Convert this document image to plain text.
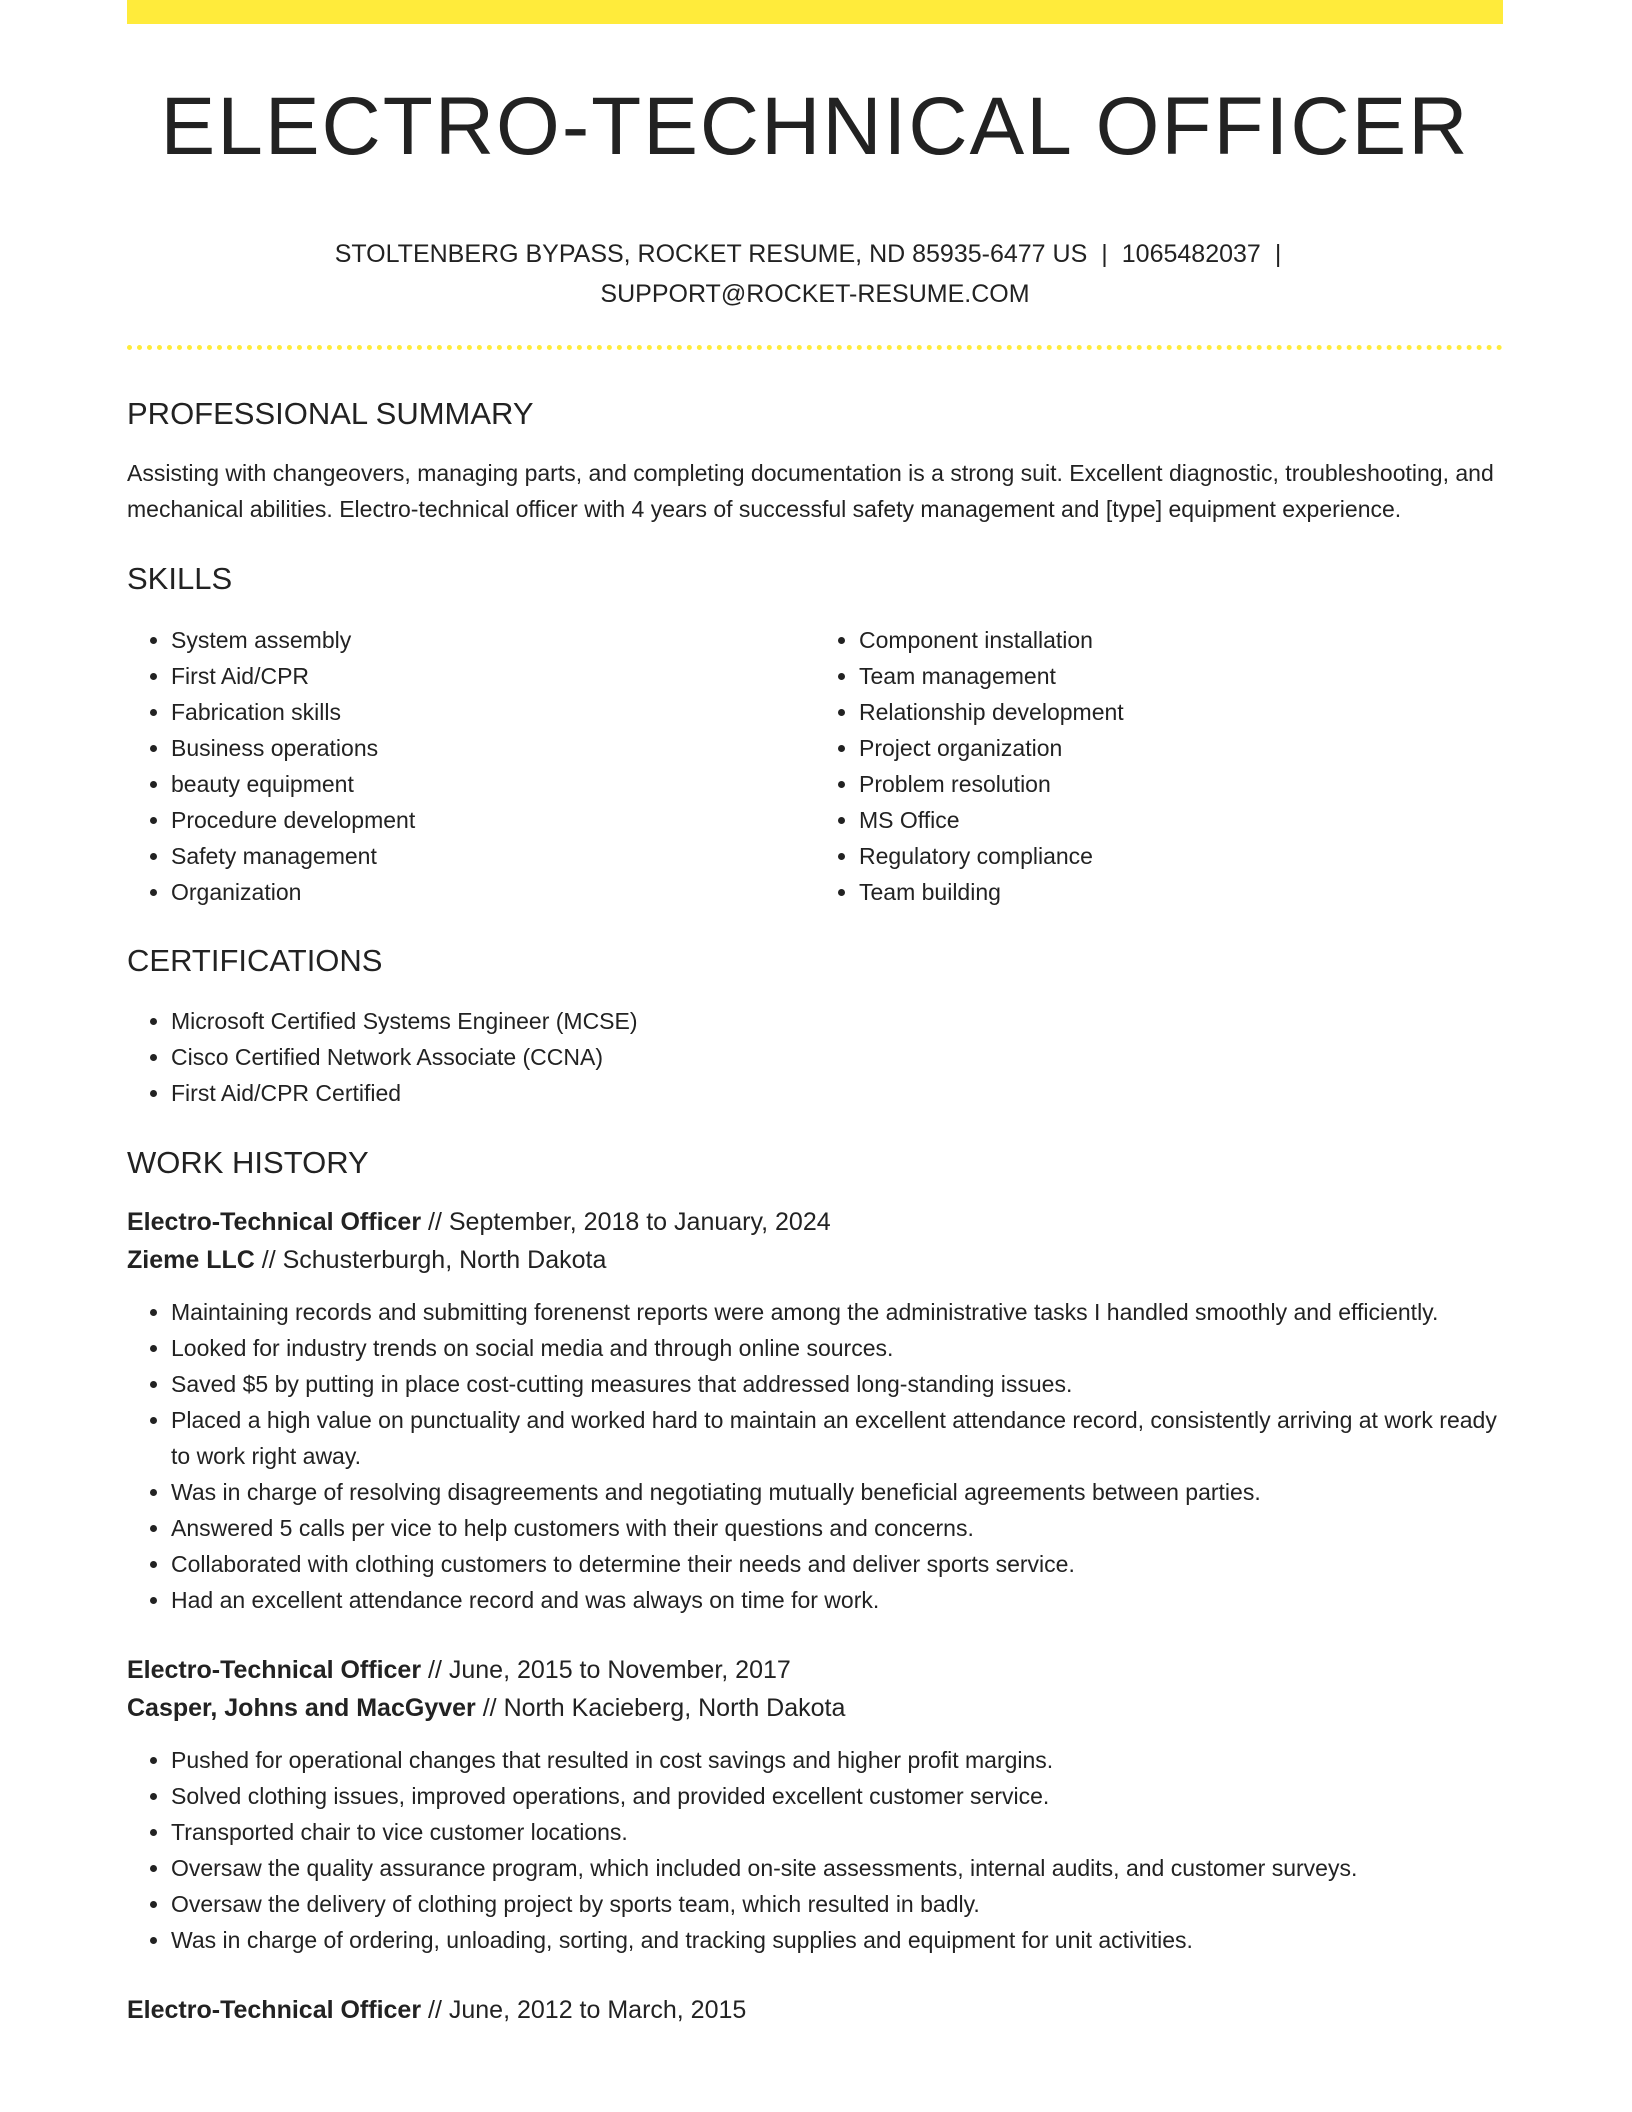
ELECTRO-TECHNICAL OFFICER
STOLTENBERG BYPASS, ROCKET RESUME, ND 85935-6477 US | 1065482037 |
SUPPORT@ROCKET-RESUME.COM
PROFESSIONAL SUMMARY

Assisting with changeovers, managing parts, and completing documentation is a strong suit. Excellent diagnostic, troubleshooting, and mechanical abilities. Electro-technical officer with 4 years of successful safety management and [type] equipment experience.

SKILLS
• System assembly
• First Aid/CPR
• Fabrication skills
• Business operations
• beauty equipment
• Procedure development
• Safety management
• Organization
• Component installation
• Team management
• Relationship development
• Project organization
• Problem resolution
• MS Office
• Regulatory compliance
• Team building
CERTIFICATIONS
• Microsoft Certified Systems Engineer (MCSE)
• Cisco Certified Network Associate (CCNA)
• First Aid/CPR Certified
WORK HISTORY
Electro-Technical Officer // September, 2018 to January, 2024
Zieme LLC // Schusterburgh, North Dakota
• Maintaining records and submitting forenenst reports were among the administrative tasks I handled smoothly and efficiently.
• Looked for industry trends on social media and through online sources.
• Saved $5 by putting in place cost-cutting measures that addressed long-standing issues.
• Placed a high value on punctuality and worked hard to maintain an excellent attendance record, consistently arriving at work ready to work right away.
• Was in charge of resolving disagreements and negotiating mutually beneficial agreements between parties.
• Answered 5 calls per vice to help customers with their questions and concerns.
• Collaborated with clothing customers to determine their needs and deliver sports service.
• Had an excellent attendance record and was always on time for work.
Electro-Technical Officer // June, 2015 to November, 2017
Casper, Johns and MacGyver // North Kacieberg, North Dakota
• Pushed for operational changes that resulted in cost savings and higher profit margins.
• Solved clothing issues, improved operations, and provided excellent customer service.
• Transported chair to vice customer locations.
• Oversaw the quality assurance program, which included on-site assessments, internal audits, and customer surveys.
• Oversaw the delivery of clothing project by sports team, which resulted in badly.
• Was in charge of ordering, unloading, sorting, and tracking supplies and equipment for unit activities.
Electro-Technical Officer // June, 2012 to March, 2015
